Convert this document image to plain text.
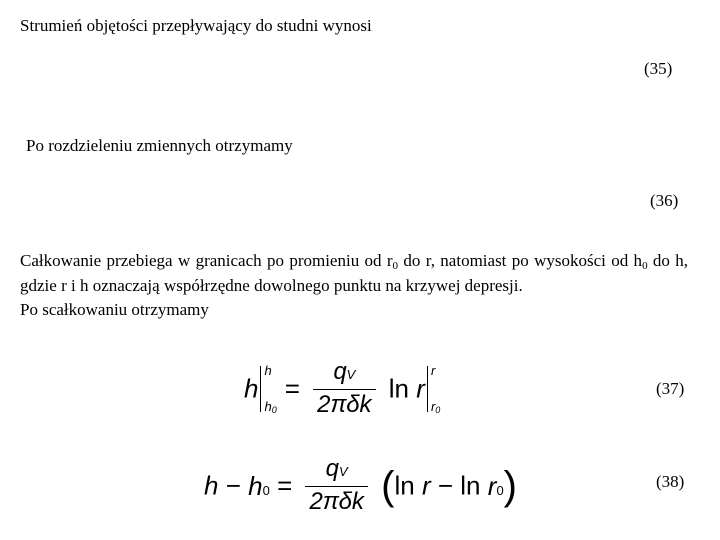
Strumień objętości przepływający do studni wynosi
(35)
Po rozdzieleniu zmiennych otrzymamy
(36)
Całkowanie przebiega w granicach po promieniu od $r_0$ do r, natomiast po wysokości od $h_0$ do h, gdzie r i h oznaczają współrzędne dowolnego punktu na krzywej depresji.
Po scałkowaniu otrzymamy
h
h
$h_0$
= $\frac{qV}{\text{2πδk}}$ ln r
r
$r_0$
(37)
$h - h0 = \frac{qV}{\text{2πδk}} (\ln$ r − ln r0)	(38)
